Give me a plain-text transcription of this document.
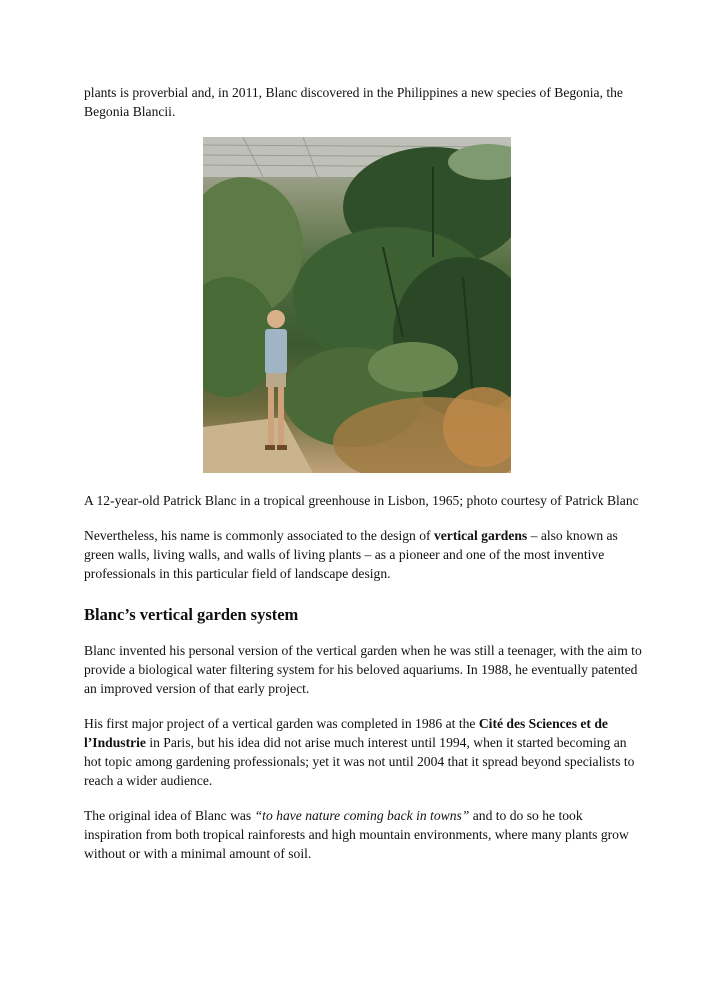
plants is proverbial and, in 2011, Blanc discovered in the Philippines a new species of Begonia, the Begonia Blancii.

A 12-year-old Patrick Blanc in a tropical greenhouse in Lisbon, 1965; photo courtesy of Patrick Blanc

Nevertheless, his name is commonly associated to the design of vertical gardens – also known as green walls, living walls, and walls of living plants – as a pioneer and one of the most inventive professionals in this particular field of landscape design.

Blanc’s vertical garden system

Blanc invented his personal version of the vertical garden when he was still a teenager, with the aim to provide a biological water filtering system for his beloved aquariums. In 1988, he eventually patented an improved version of that early project.

His first major project of a vertical garden was completed in 1986 at the Cité des Sciences et de l’Industrie in Paris, but his idea did not arise much interest until 1994, when it started becoming an hot topic among gardening professionals; yet it was not until 2004 that it spread beyond specialists to reach a wider audience.

The original idea of Blanc was “to have nature coming back in towns” and to do so he took inspiration from both tropical rainforests and high mountain environments, where many plants grow without or with a minimal amount of soil.
